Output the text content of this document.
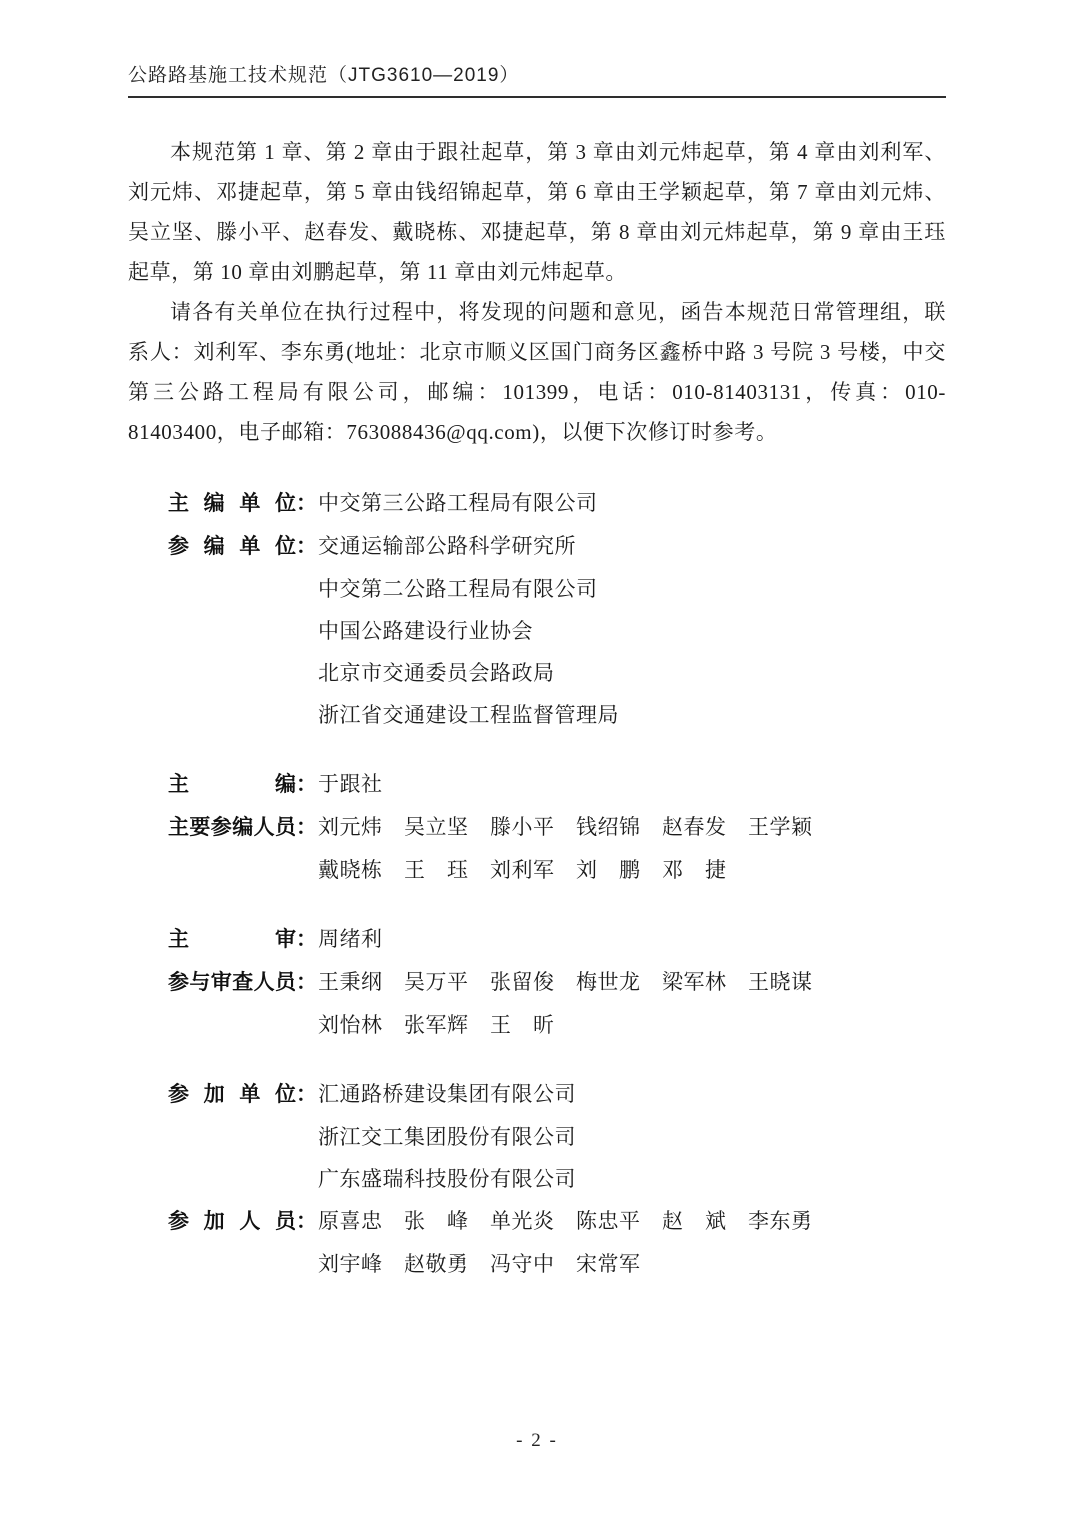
公路路基施工技术规范（JTG3610—2019）

本规范第 1 章、第 2 章由于跟社起草，第 3 章由刘元炜起草，第 4 章由刘利军、刘元炜、邓捷起草，第 5 章由钱绍锦起草，第 6 章由王学颖起草，第 7 章由刘元炜、吴立坚、滕小平、赵春发、戴晓栋、邓捷起草，第 8 章由刘元炜起草，第 9 章由王珏起草，第 10 章由刘鹏起草，第 11 章由刘元炜起草。

请各有关单位在执行过程中，将发现的问题和意见，函告本规范日常管理组，联系人：刘利军、李东勇(地址：北京市顺义区国门商务区鑫桥中路 3 号院 3 号楼，中交第三公路工程局有限公司，邮编：101399，电话：010-81403131，传真：010-81403400，电子邮箱：763088436@qq.com)，以便下次修订时参考。

主编单位 ： 中交第三公路工程局有限公司
参编单位 ： 交通运输部公路科学研究所
中交第二公路工程局有限公司
中国公路建设行业协会
北京市交通委员会路政局
浙江省交通建设工程监督管理局
主编 ： 于跟社
主要参编人员 ： 刘元炜　吴立坚　滕小平　钱绍锦　赵春发　王学颖
戴晓栋　王　珏　刘利军　刘　鹏　邓　捷
主审 ： 周绪利
参与审查人员 ： 王秉纲　吴万平　张留俊　梅世龙　梁军林　王晓谋
刘怡林　张军辉　王　昕
参加单位 ： 汇通路桥建设集团有限公司
浙江交工集团股份有限公司
广东盛瑞科技股份有限公司
参加人员 ： 原喜忠　张　峰　单光炎　陈忠平　赵　斌　李东勇
刘宇峰　赵敬勇　冯守中　宋常军
- 2 -
